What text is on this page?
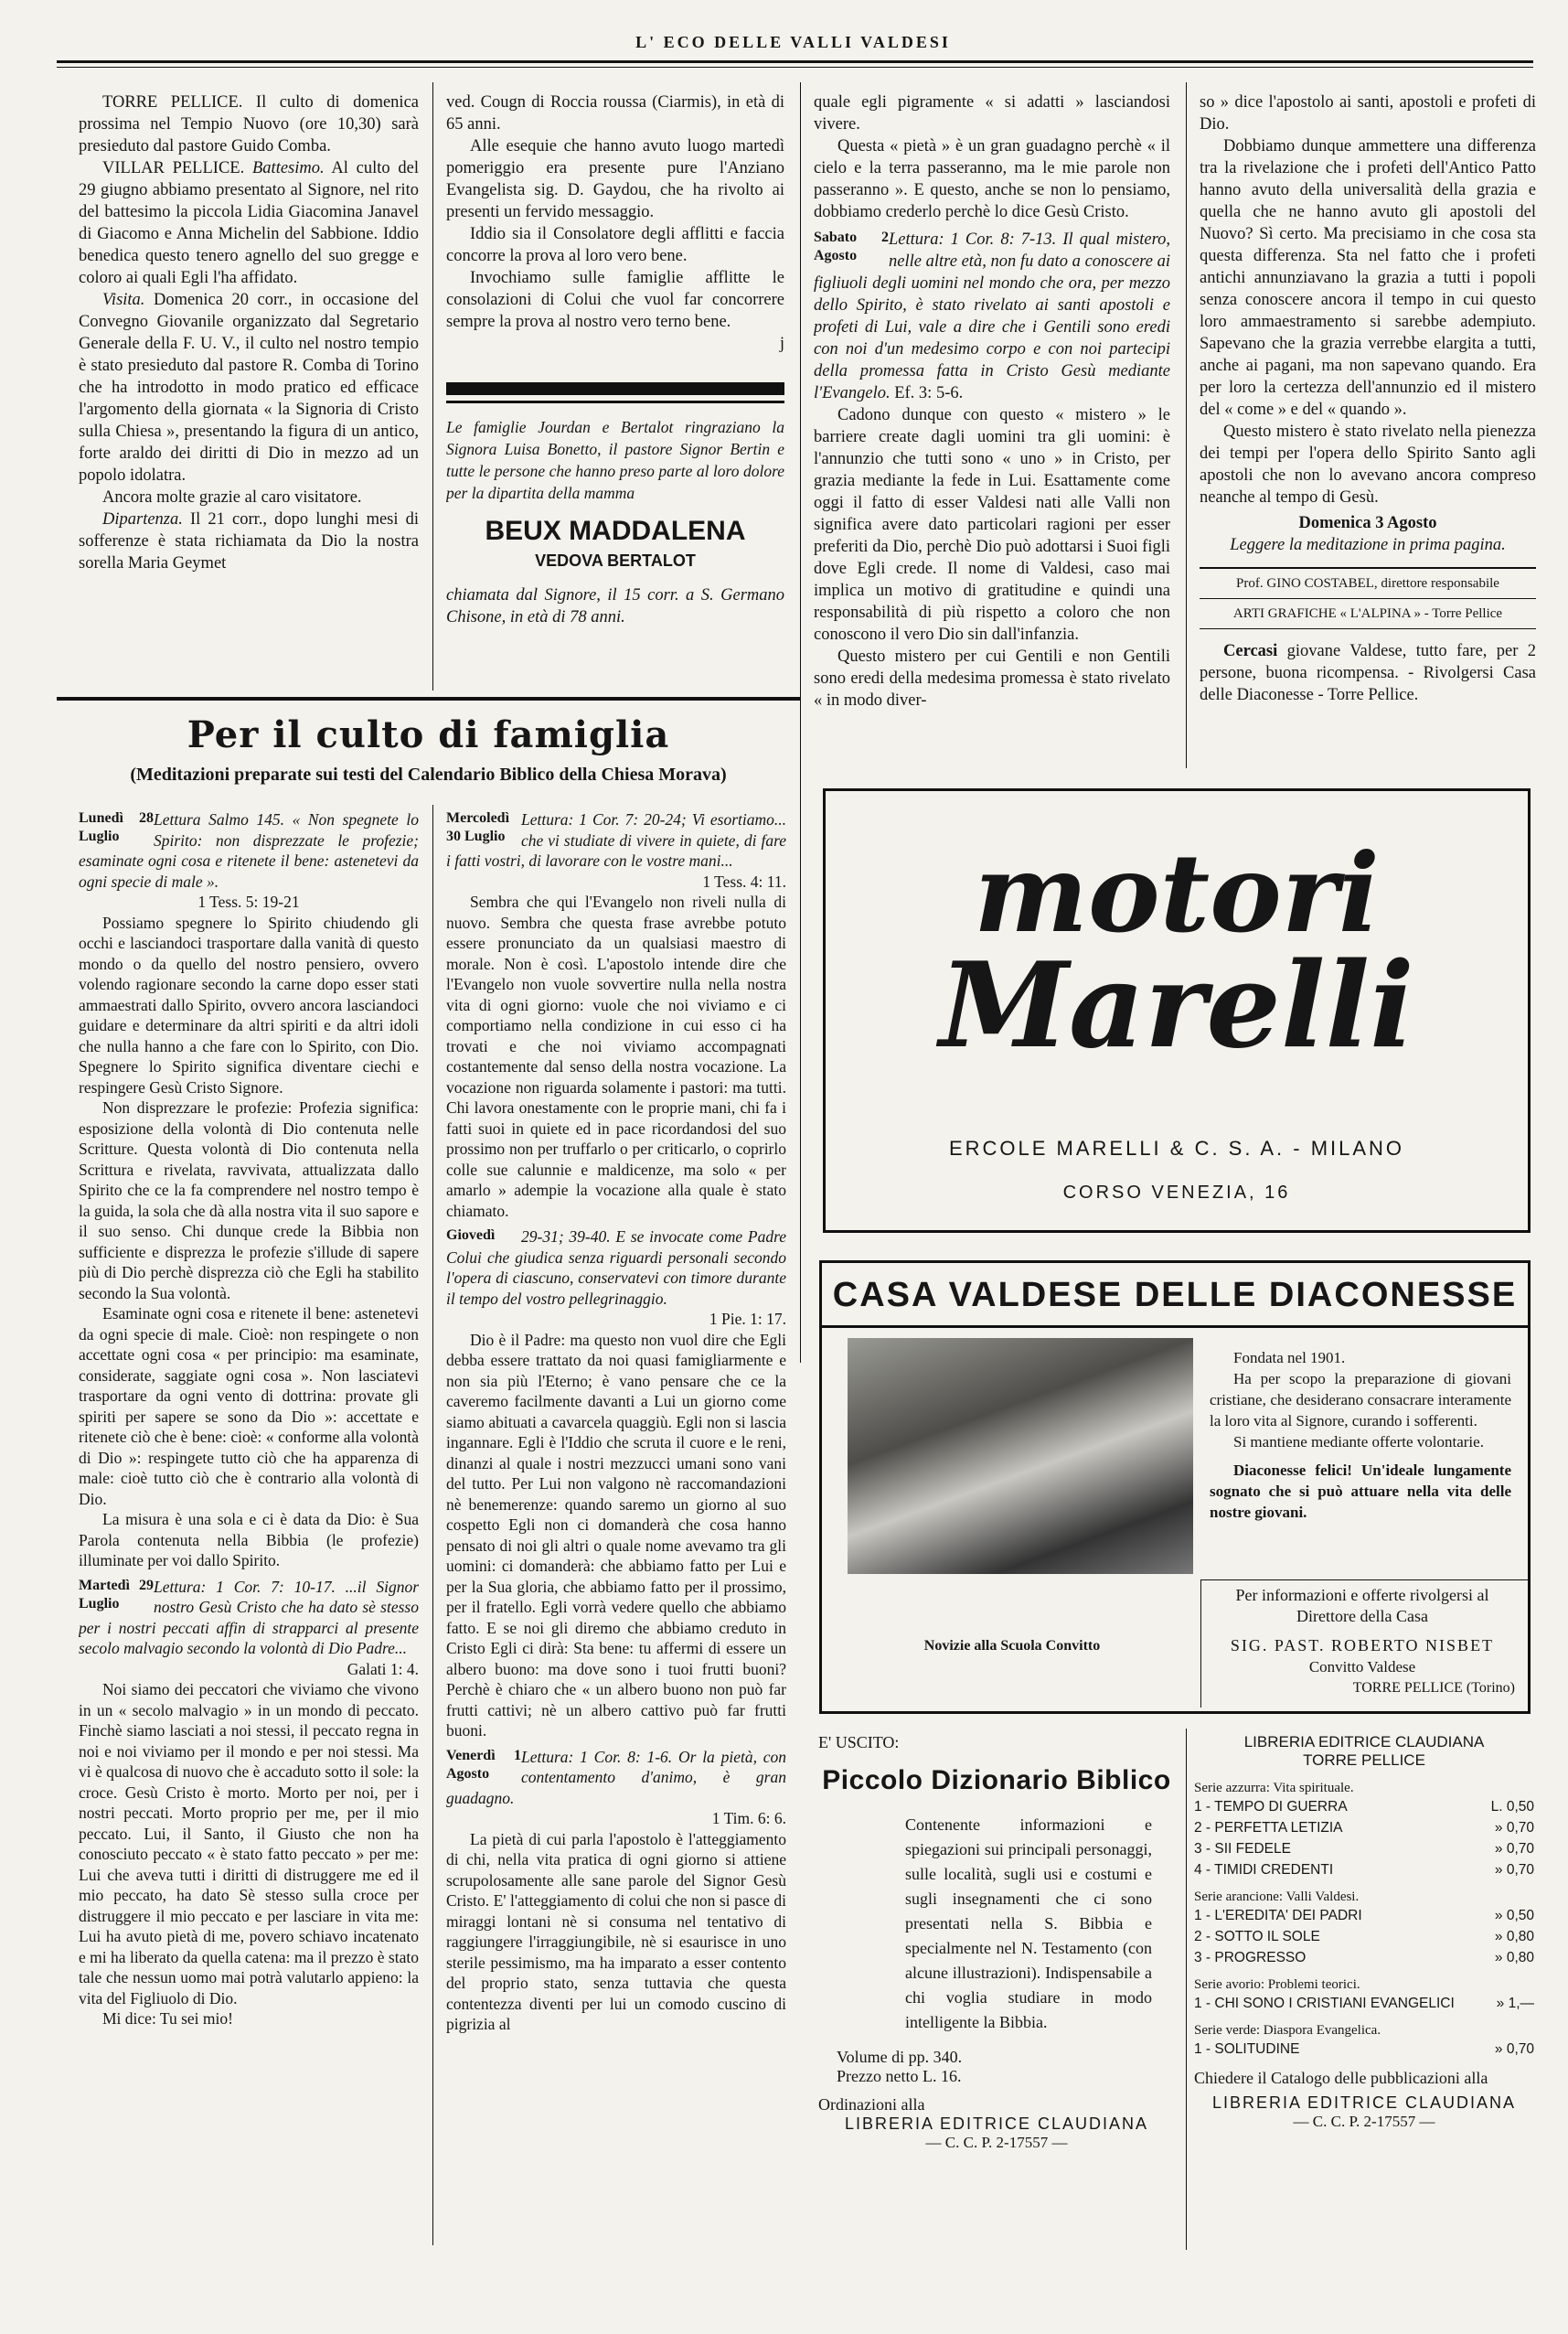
L' ECO DELLE VALLI VALDESI

TORRE PELLICE. Il culto di domenica prossima nel Tempio Nuovo (ore 10,30) sarà presieduto dal pastore Guido Comba.

VILLAR PELLICE. Battesimo. Al culto del 29 giugno abbiamo presentato al Signore, nel rito del battesimo la piccola Lidia Giacomina Janavel di Giacomo e Anna Michelin del Sabbione. Iddio benedica questo tenero agnello del suo gregge e coloro ai quali Egli l'ha affidato.

Visita. Domenica 20 corr., in occasione del Convegno Giovanile organizzato dal Segretario Generale della F. U. V., il culto nel nostro tempio è stato presieduto dal pastore R. Comba di Torino che ha introdotto in modo pratico ed efficace l'argomento della giornata « la Signoria di Cristo sulla Chiesa », presentando la figura di un antico, forte araldo dei diritti di Dio in mezzo ad un popolo idolatra.

Ancora molte grazie al caro visitatore.

Dipartenza. Il 21 corr., dopo lunghi mesi di sofferenze è stata richiamata da Dio la nostra sorella Maria Geymet

ved. Cougn di Roccia roussa (Ciarmis), in età di 65 anni.

Alle esequie che hanno avuto luogo martedì pomeriggio era presente pure l'Anziano Evangelista sig. D. Gaydou, che ha rivolto ai presenti un fervido messaggio.

Iddio sia il Consolatore degli afflitti e faccia concorre la prova al loro vero bene.

Invochiamo sulle famiglie afflitte le consolazioni di Colui che vuol far concorrere sempre la prova al nostro vero terno bene.

j

Le famiglie Jourdan e Bertalot ringraziano la Signora Luisa Bonetto, il pastore Signor Bertin e tutte le persone che hanno preso parte al loro dolore per la dipartita della mamma

BEUX MADDALENA

VEDOVA BERTALOT

chiamata dal Signore, il 15 corr. a S. Germano Chisone, in età di 78 anni.

quale egli pigramente « si adatti » lasciandosi vivere.

Questa « pietà » è un gran guadagno perchè « il cielo e la terra passeranno, ma le mie parole non passeranno ». E questo, anche se non lo pensiamo, dobbiamo crederlo perchè lo dice Gesù Cristo.

Sabato 2 Agosto
Lettura: 1 Cor. 8: 7-13. Il qual mistero, nelle altre età, non fu dato a conoscere ai figliuoli degli uomini nel mondo che ora, per mezzo dello Spirito, è stato rivelato ai santi apostoli e profeti di Lui, vale a dire che i Gentili sono eredi con noi d'un medesimo corpo e con noi partecipi della promessa fatta in Cristo Gesù mediante l'Evangelo. Ef. 3: 5-6.

Cadono dunque con questo « mistero » le barriere create dagli uomini tra gli uomini: è l'annunzio che tutti sono « uno » in Cristo, per grazia mediante la fede in Lui. Esattamente come oggi il fatto di esser Valdesi nati alle Valli non significa avere dato particolari ragioni per esser preferiti da Dio, perchè Dio può adottarsi i Suoi figli dove Egli crede. Il nome di Valdesi, caso mai implica un motivo di gratitudine e quindi una responsabilità di più rispetto a coloro che non conoscono il vero Dio sin dall'infanzia.

Questo mistero per cui Gentili e non Gentili sono eredi della medesima promessa è stato rivelato « in modo diver-

so » dice l'apostolo ai santi, apostoli e profeti di Dio.

Dobbiamo dunque ammettere una differenza tra la rivelazione che i profeti dell'Antico Patto hanno avuto della universalità della grazia e quella che ne hanno avuto gli apostoli del Nuovo? Sì certo. Ma precisiamo in che cosa sta questa differenza. Sta nel fatto che i profeti antichi annunziavano la grazia a tutti i popoli senza conoscere ancora il tempo in cui questo loro ammaestramento si sarebbe adempiuto. Sapevano che la grazia verrebbe elargita a tutti, anche ai pagani, ma non sapevano quando. Era per loro la certezza dell'annunzio ed il mistero del « come » e del « quando ».

Questo mistero è stato rivelato nella pienezza dei tempi per l'opera dello Spirito Santo agli apostoli che non lo avevano ancora compreso neanche al tempo di Gesù.

Domenica 3 Agosto

Leggere la meditazione in prima pagina.

Prof. GINO COSTABEL, direttore responsabile

ARTI GRAFICHE « L'ALPINA » - Torre Pellice

Cercasi giovane Valdese, tutto fare, per 2 persone, buona ricompensa. - Rivolgersi Casa delle Diaconesse - Torre Pellice.

Per il culto di famiglia
(Meditazioni preparate sui testi del Calendario Biblico della Chiesa Morava)
Lunedì 28 Luglio
Lettura Salmo 145. « Non spegnete lo Spirito: non disprezzate le profezie; esaminate ogni cosa e ritenete il bene: astenetevi da ogni specie di male ».

1 Tess. 5: 19-21

Possiamo spegnere lo Spirito chiudendo gli occhi e lasciandoci trasportare dalla vanità di questo mondo o da quello del nostro pensiero, ovvero volendo ragionare secondo la carne dopo esser stati ammaestrati dallo Spirito, ovvero ancora lasciandoci guidare e determinare da altri spiriti e da altri idoli che nulla hanno a che fare con lo Spirito, con Dio. Spegnere lo Spirito significa diventare ciechi e respingere Gesù Cristo Signore.

Non disprezzare le profezie: Profezia significa: esposizione della volontà di Dio contenuta nelle Scritture. Questa volontà di Dio contenuta nella Scrittura e rivelata, ravvivata, attualizzata dallo Spirito che ce la fa comprendere nel nostro tempo è la guida, la sola che dà alla nostra vita il suo sapore e il suo senso. Chi dunque crede la Bibbia non sufficiente e disprezza le profezie s'illude di sapere più di Dio perchè disprezza ciò che Egli ha stabilito secondo la Sua volontà.

Esaminate ogni cosa e ritenete il bene: astenetevi da ogni specie di male. Cioè: non respingete o non accettate ogni cosa « per principio: ma esaminate, considerate, saggiate ogni cosa ». Non lasciatevi trasportare da ogni vento di dottrina: provate gli spiriti per sapere se sono da Dio »: accettate e ritenete ciò che è bene: cioè: « conforme alla volontà di Dio »: respingete tutto ciò che ha apparenza di male: cioè tutto ciò che è contrario alla volontà di Dio.

La misura è una sola e ci è data da Dio: è Sua Parola contenuta nella Bibbia (le profezie) illuminate per voi dallo Spirito.

Martedì 29 Luglio
Lettura: 1 Cor. 7: 10-17. ...il Signor nostro Gesù Cristo che ha dato sè stesso per i nostri peccati affin di strapparci al presente secolo malvagio secondo la volontà di Dio Padre...

Galati 1: 4.

Noi siamo dei peccatori che viviamo che vivono in un « secolo malvagio » in un mondo di peccato. Finchè siamo lasciati a noi stessi, il peccato regna in noi e noi viviamo per il mondo e per noi stessi. Ma vi è qualcosa di nuovo che è accaduto sotto il sole: la croce. Gesù Cristo è morto. Morto per noi, per i nostri peccati. Morto proprio per me, per il mio peccato. Lui, il Santo, il Giusto che non ha conosciuto peccato « è stato fatto peccato » per me: Lui che aveva tutti i diritti di distruggere me ed il mio peccato, ha dato Sè stesso sulla croce per distruggere il mio peccato e per lasciare in vita me: Lui ha avuto pietà di me, povero schiavo incatenato e mi ha liberato da quella catena: ma il prezzo è stato tale che nessun uomo mai potrà valutarlo appieno: la vita del Figliuolo di Dio.

Mi dice: Tu sei mio!

Mercoledì 30 Luglio
Lettura: 1 Cor. 7: 20-24; Vi esortiamo... che vi studiate di vivere in quiete, di fare i fatti vostri, di lavorare con le vostre mani...

1 Tess. 4: 11.

Sembra che qui l'Evangelo non riveli nulla di nuovo. Sembra che questa frase avrebbe potuto essere pronunciato da un qualsiasi maestro di morale. Non è così. L'apostolo intende dire che l'Evangelo non vuole sovvertire nulla nella nostra vita di ogni giorno: vuole che noi viviamo e ci comportiamo nella condizione in cui esso ci ha trovati e che noi viviamo accompagnati costantemente dal senso della nostra vocazione. La vocazione non riguarda solamente i pastori: ma tutti. Chi lavora onestamente con le proprie mani, chi fa i fatti suoi in quiete ed in pace ricordandosi del suo prossimo non per truffarlo o per criticarlo, o coprirlo colle sue calunnie e maldicenze, ma solo « per amarlo » adempie la vocazione alla quale è stato chiamato.

Giovedì	29-31; 39-40. E se invocate come Padre Colui che giudica senza riguardi personali secondo l'opera di ciascuno, conservatevi con timore durante il tempo del vostro pellegrinaggio.

1 Pie. 1: 17.

Dio è il Padre: ma questo non vuol dire che Egli debba essere trattato da noi quasi famigliarmente e non sia più l'Eterno; è vano pensare che ce la caveremo facilmente davanti a Lui un giorno come siamo abituati a cavarcela quaggiù. Egli non si lascia ingannare. Egli è l'Iddio che scruta il cuore e le reni, dinanzi al quale i nostri mezzucci umani sono vani del tutto. Per Lui non valgono nè raccomandazioni nè benemerenze: quando saremo un giorno al suo cospetto Egli non ci domanderà che cosa hanno pensato di noi gli altri o quale nome avevamo tra gli uomini: ci domanderà: che abbiamo fatto per Lui e per la Sua gloria, che abbiamo fatto per il prossimo, per il fratello. Egli vorrà vedere quello che abbiamo fatto. E se noi gli diremo che abbiamo creduto in Cristo Egli ci dirà: Sta bene: tu affermi di essere un albero buono: ma dove sono i tuoi frutti buoni? Perchè è chiaro che « un albero buono non può far frutti cattivi; nè un albero cattivo può far frutti buoni.

Venerdì 1 Agosto
Lettura: 1 Cor. 8: 1-6. Or la pietà, con contentamento d'animo, è gran guadagno.

1 Tim. 6: 6.

La pietà di cui parla l'apostolo è l'atteggiamento di chi, nella vita pratica di ogni giorno si attiene scrupolosamente alle sane parole del Signor Gesù Cristo. E' l'atteggiamento di colui che non si pasce di miraggi lontani nè si consuma nel tentativo di raggiungere l'irraggiungibile, nè si esaurisce in uno sterile pessimismo, ma ha imparato a esser contento del proprio stato, senza tuttavia che questa contentezza diventi per lui un comodo cuscino di pigrizia al

motori
Marelli
ERCOLE MARELLI & C. S. A. - MILANO
CORSO VENEZIA, 16
CASA VALDESE DELLE DIACONESSE

Fondata nel 1901.

Ha per scopo la preparazione di giovani cristiane, che desiderano consacrare interamente la loro vita al Signore, curando i sofferenti.

Si mantiene mediante offerte volontarie.

Diaconesse felici! Un'ideale lungamente sognato che si può attuare nella vita delle nostre giovani.

Novizie alla Scuola Convitto
Per informazioni e offerte rivolgersi al Direttore della Casa
SIG. PAST. ROBERTO NISBET
Convitto Valdese
TORRE PELLICE (Torino)
E' USCITO:
Piccolo Dizionario Biblico
Contenente informazioni e spiegazioni sui principali personaggi, sulle località, sugli usi e costumi e sugli insegnamenti che ci sono presentati nella S. Bibbia e specialmente nel N. Testamento (con alcune illustrazioni). Indispensabile a chi voglia studiare in modo intelligente la Bibbia.
Volume di pp. 340.
Prezzo netto L. 16.
Ordinazioni alla
LIBRERIA EDITRICE CLAUDIANA
— C. C. P. 2-17557 —
LIBRERIA EDITRICE CLAUDIANA
TORRE PELLICE
Serie azzurra: Vita spirituale.
1 - TEMPO DI GUERRA	L. 0,50
2 - PERFETTA LETIZIA	» 0,70
3 - SII FEDELE	» 0,70
4 - TIMIDI CREDENTI	» 0,70
Serie arancione: Valli Valdesi.
1 - L'EREDITA' DEI PADRI	» 0,50
2 - SOTTO IL SOLE	» 0,80
3 - PROGRESSO	» 0,80
Serie avorio: Problemi teorici.
1 - CHI SONO I CRISTIANI EVANGELICI	» 1,—
Serie verde: Diaspora Evangelica.
1 - SOLITUDINE	» 0,70
Chiedere il Catalogo delle pubblicazioni alla
LIBRERIA EDITRICE CLAUDIANA
— C. C. P. 2-17557 —
